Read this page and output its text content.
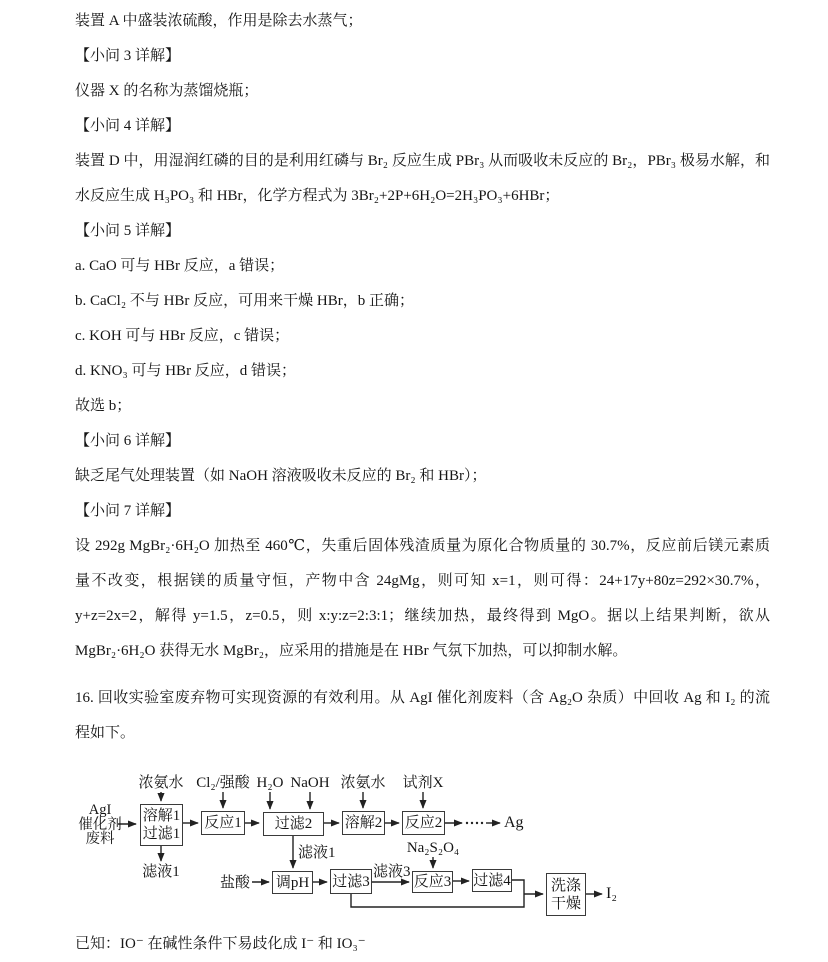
装置 A 中盛装浓硫酸，作用是除去水蒸气；
【小问 3 详解】
仪器 X 的名称为蒸馏烧瓶；
【小问 4 详解】
装置 D 中，用湿润红磷的目的是利用红磷与 Br₂ 反应生成 PBr₃ 从而吸收未反应的 Br₂，PBr₃ 极易水解，和
水反应生成 H₃PO₃ 和 HBr，化学方程式为 3Br₂+2P+6H₂O=2H₃PO₃+6HBr；
【小问 5 详解】
a. CaO 可与 HBr 反应，a 错误；
b. CaCl₂ 不与 HBr 反应，可用来干燥 HBr，b 正确；
c. KOH 可与 HBr 反应，c 错误；
d. KNO₃ 可与 HBr 反应，d 错误；
故选 b；
【小问 6 详解】
缺乏尾气处理装置（如 NaOH 溶液吸收未反应的 Br₂ 和 HBr）；
【小问 7 详解】
设 292g MgBr₂·6H₂O 加热至 460℃，失重后固体残渣质量为原化合物质量的 30.7%，反应前后镁元素质
量不改变，根据镁的质量守恒，产物中含 24gMg，则可知 x=1，则可得：24+17y+80z=292×30.7%，
y+z=2x=2，解得 y=1.5，z=0.5，则 x:y:z=2:3:1；继续加热，最终得到 MgO。据以上结果判断，欲从
MgBr₂·6H₂O 获得无水 MgBr₂，应采用的措施是在 HBr 气氛下加热，可以抑制水解。
16. 回收实验室废弃物可实现资源的有效利用。从 AgI 催化剂废料（含 Ag₂O 杂质）中回收 Ag 和 I₂ 的流
程如下。
AgI
催化剂
废料
浓氨水 Cl₂/强酸 H₂O NaOH 浓氨水 试剂X
Na₂S₂O₄
盐酸
溶解1
过滤1
反应1	过滤2	溶解2 反应2
调pH 过滤3	反应3 过滤4	洗涤
干燥
滤液1
滤液1
滤液3
Ag
I₂
已知：IO⁻ 在碱性条件下易歧化成 I⁻ 和 IO₃⁻
